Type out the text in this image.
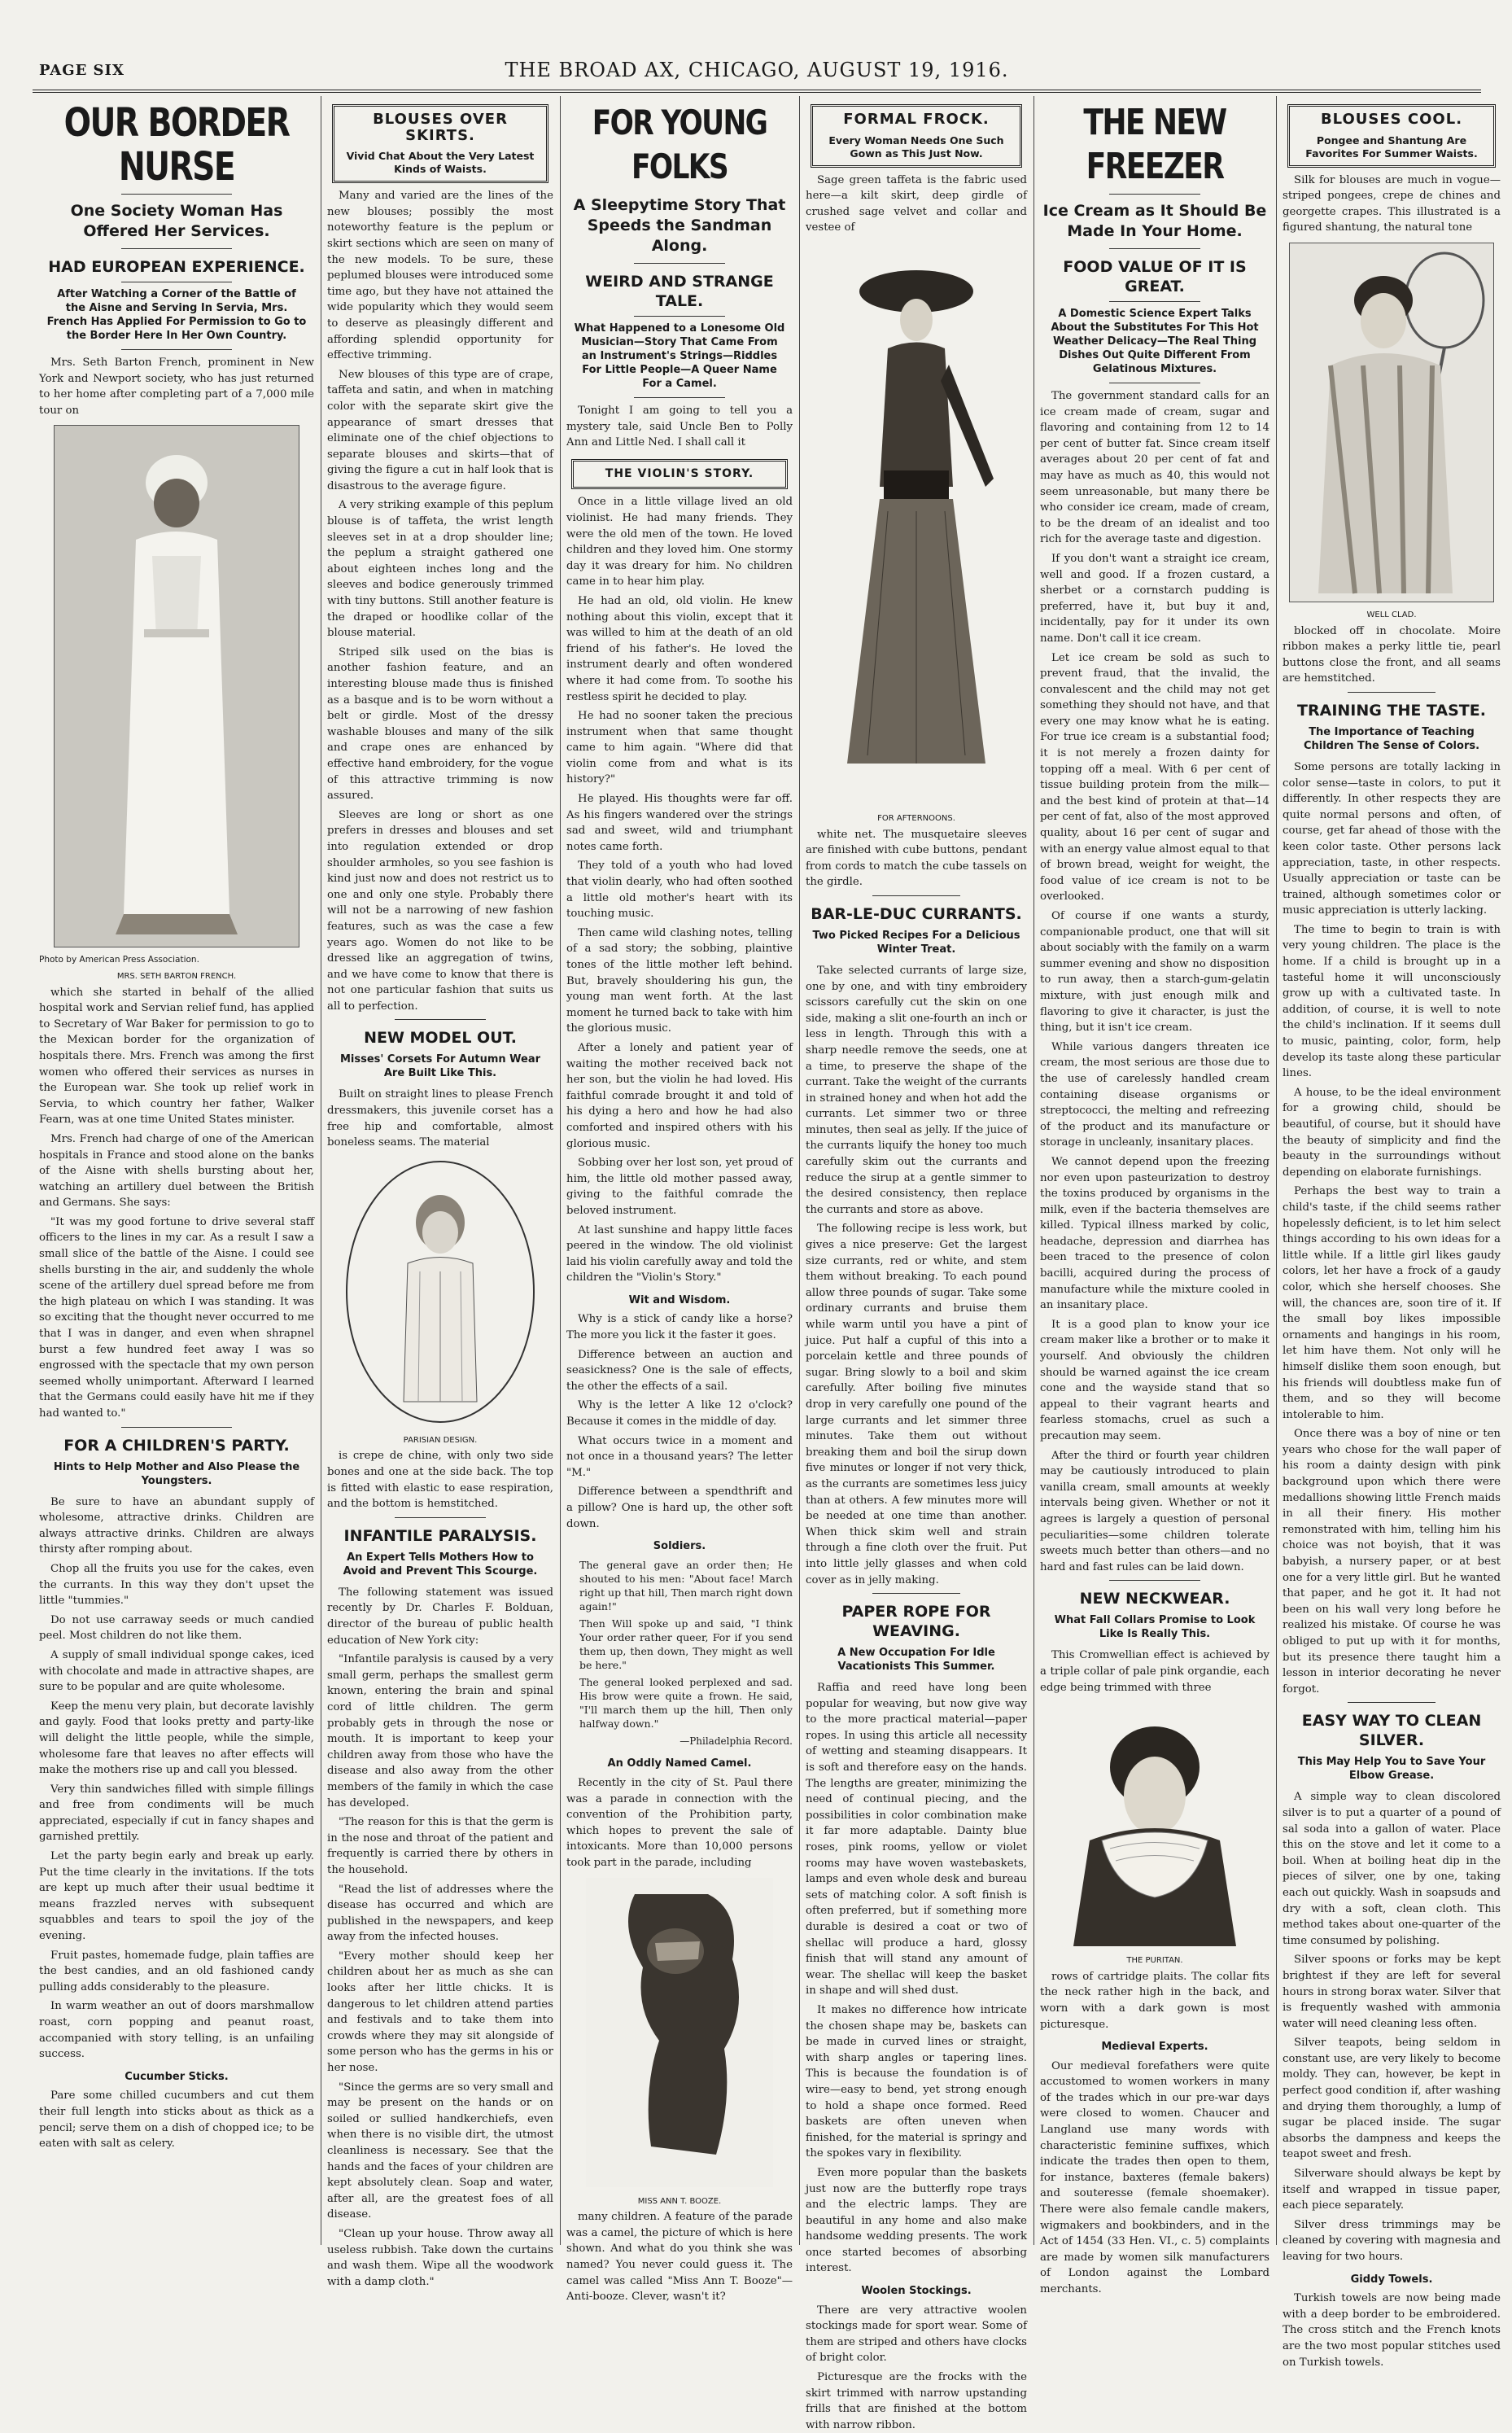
PAGE SIX	THE BROAD AX, CHICAGO, AUGUST 19, 1916.
OUR BORDER NURSE
One Society Woman Has Offered Her Services.
HAD EUROPEAN EXPERIENCE.
After Watching a Corner of the Battle of the Aisne and Serving In Servia, Mrs. French Has Applied For Permission to Go to the Border Here In Her Own Country.

Mrs. Seth Barton French, prominent in New York and Newport society, who has just returned to her home after completing part of a 7,000 mile tour on

Photo by American Press Association.
MRS. SETH BARTON FRENCH.

which she started in behalf of the allied hospital work and Servian relief fund, has applied to Secretary of War Baker for permission to go to the Mexican border for the organization of hospitals there. Mrs. French was among the first women who offered their services as nurses in the European war. She took up relief work in Servia, to which country her father, Walker Fearn, was at one time United States minister.

Mrs. French had charge of one of the American hospitals in France and stood alone on the banks of the Aisne with shells bursting about her, watching an artillery duel between the British and Germans. She says:

"It was my good fortune to drive several staff officers to the lines in my car. As a result I saw a small slice of the battle of the Aisne. I could see shells bursting in the air, and suddenly the whole scene of the artillery duel spread before me from the high plateau on which I was standing. It was so exciting that the thought never occurred to me that I was in danger, and even when shrapnel burst a few hundred feet away I was so engrossed with the spectacle that my own person seemed wholly unimportant. Afterward I learned that the Germans could easily have hit me if they had wanted to."

FOR A CHILDREN'S PARTY.
Hints to Help Mother and Also Please the Youngsters.

Be sure to have an abundant supply of wholesome, attractive drinks. Children are always attractive drinks. Children are always thirsty after romping about.

Chop all the fruits you use for the cakes, even the currants. In this way they don't upset the little "tummies."

Do not use carraway seeds or much candied peel. Most children do not like them.

A supply of small individual sponge cakes, iced with chocolate and made in attractive shapes, are sure to be popular and are quite wholesome.

Keep the menu very plain, but decorate lavishly and gayly. Food that looks pretty and party-like will delight the little people, while the simple, wholesome fare that leaves no after effects will make the mothers rise up and call you blessed.

Very thin sandwiches filled with simple fillings and free from condiments will be much appreciated, especially if cut in fancy shapes and garnished prettily.

Let the party begin early and break up early. Put the time clearly in the invitations. If the tots are kept up much after their usual bedtime it means frazzled nerves with subsequent squabbles and tears to spoil the joy of the evening.

Fruit pastes, homemade fudge, plain taffies are the best candies, and an old fashioned candy pulling adds considerably to the pleasure.

In warm weather an out of doors marshmallow roast, corn popping and peanut roast, accompanied with story telling, is an unfailing success.

Cucumber Sticks.

Pare some chilled cucumbers and cut them their full length into sticks about as thick as a pencil; serve them on a dish of chopped ice; to be eaten with salt as celery.

BLOUSES OVER SKIRTS.
Vivid Chat About the Very Latest Kinds of Waists.

Many and varied are the lines of the new blouses; possibly the most noteworthy feature is the peplum or skirt sections which are seen on many of the new models. To be sure, these peplumed blouses were introduced some time ago, but they have not attained the wide popularity which they would seem to deserve as pleasingly different and affording splendid opportunity for effective trimming.

New blouses of this type are of crape, taffeta and satin, and when in matching color with the separate skirt give the appearance of smart dresses that eliminate one of the chief objections to separate blouses and skirts—that of giving the figure a cut in half look that is disastrous to the average figure.

A very striking example of this peplum blouse is of taffeta, the wrist length sleeves set in at a drop shoulder line; the peplum a straight gathered one about eighteen inches long and the sleeves and bodice generously trimmed with tiny buttons. Still another feature is the draped or hoodlike collar of the blouse material.

Striped silk used on the bias is another fashion feature, and an interesting blouse made thus is finished as a basque and is to be worn without a belt or girdle. Most of the dressy washable blouses and many of the silk and crape ones are enhanced by effective hand embroidery, for the vogue of this attractive trimming is now assured.

Sleeves are long or short as one prefers in dresses and blouses and set into regulation extended or drop shoulder armholes, so you see fashion is kind just now and does not restrict us to one and only one style. Probably there will not be a narrowing of new fashion features, such as was the case a few years ago. Women do not like to be dressed like an aggregation of twins, and we have come to know that there is not one particular fashion that suits us all to perfection.

NEW MODEL OUT.
Misses' Corsets For Autumn Wear Are Built Like This.

Built on straight lines to please French dressmakers, this juvenile corset has a free hip and comfortable, almost boneless seams. The material

PARISIAN DESIGN.

is crepe de chine, with only two side bones and one at the side back. The top is fitted with elastic to ease respiration, and the bottom is hemstitched.

INFANTILE PARALYSIS.
An Expert Tells Mothers How to Avoid and Prevent This Scourge.

The following statement was issued recently by Dr. Charles F. Bolduan, director of the bureau of public health education of New York city:

"Infantile paralysis is caused by a very small germ, perhaps the smallest germ known, entering the brain and spinal cord of little children. The germ probably gets in through the nose or mouth. It is important to keep your children away from those who have the disease and also away from the other members of the family in which the case has developed.

"The reason for this is that the germ is in the nose and throat of the patient and frequently is carried there by others in the household.

"Read the list of addresses where the disease has occurred and which are published in the newspapers, and keep away from the infected houses.

"Every mother should keep her children about her as much as she can looks after her little chicks. It is dangerous to let children attend parties and festivals and to take them into crowds where they may sit alongside of some person who has the germs in his or her nose.

"Since the germs are so very small and may be present on the hands or on soiled or sullied handkerchiefs, even when there is no visible dirt, the utmost cleanliness is necessary. See that the hands and the faces of your children are kept absolutely clean. Soap and water, after all, are the greatest foes of all disease.

"Clean up your house. Throw away all useless rubbish. Take down the curtains and wash them. Wipe all the woodwork with a damp cloth."

FOR YOUNG FOLKS
A Sleepytime Story That Speeds the Sandman Along.
WEIRD AND STRANGE TALE.
What Happened to a Lonesome Old Musician—Story That Came From an Instrument's Strings—Riddles For Little People—A Queer Name For a Camel.

Tonight I am going to tell you a mystery tale, said Uncle Ben to Polly Ann and Little Ned. I shall call it

THE VIOLIN'S STORY.

Once in a little village lived an old violinist. He had many friends. They were the old men of the town. He loved children and they loved him. One stormy day it was dreary for him. No children came in to hear him play.

He had an old, old violin. He knew nothing about this violin, except that it was willed to him at the death of an old friend of his father's. He loved the instrument dearly and often wondered where it had come from. To soothe his restless spirit he decided to play.

He had no sooner taken the precious instrument when that same thought came to him again. "Where did that violin come from and what is its history?"

He played. His thoughts were far off. As his fingers wandered over the strings sad and sweet, wild and triumphant notes came forth.

They told of a youth who had loved that violin dearly, who had often soothed a little old mother's heart with its touching music.

Then came wild clashing notes, telling of a sad story; the sobbing, plaintive tones of the little mother left behind. But, bravely shouldering his gun, the young man went forth. At the last moment he turned back to take with him the glorious music.

After a lonely and patient year of waiting the mother received back not her son, but the violin he had loved. His faithful comrade brought it and told of his dying a hero and how he had also comforted and inspired others with his glorious music.

Sobbing over her lost son, yet proud of him, the little old mother passed away, giving to the faithful comrade the beloved instrument.

At last sunshine and happy little faces peered in the window. The old violinist laid his violin carefully away and told the children the "Violin's Story."

Wit and Wisdom.

Why is a stick of candy like a horse? The more you lick it the faster it goes.

Difference between an auction and seasickness? One is the sale of effects, the other the effects of a sail.

Why is the letter A like 12 o'clock? Because it comes in the middle of day.

What occurs twice in a moment and not once in a thousand years? The letter "M."

Difference between a spendthrift and a pillow? One is hard up, the other soft down.

Soldiers.

The general gave an order then; He shouted to his men: "About face! March right up that hill, Then march right down again!"

Then Will spoke up and said, "I think Your order rather queer, For if you send them up, then down, They might as well be here."

The general looked perplexed and sad. His brow were quite a frown. He said, "I'll march them up the hill, Then only halfway down."

—Philadelphia Record.
An Oddly Named Camel.

Recently in the city of St. Paul there was a parade in connection with the convention of the Prohibition party, which hopes to prevent the sale of intoxicants. More than 10,000 persons took part in the parade, including

MISS ANN T. BOOZE.

many children. A feature of the parade was a camel, the picture of which is here shown. And what do you think she was named? You never could guess it. The camel was called "Miss Ann T. Booze"—Anti-booze. Clever, wasn't it?

FORMAL FROCK.
Every Woman Needs One Such Gown as This Just Now.

Sage green taffeta is the fabric used here—a kilt skirt, deep girdle of crushed sage velvet and collar and vestee of

FOR AFTERNOONS.

white net. The musquetaire sleeves are finished with cube buttons, pendant from cords to match the cube tassels on the girdle.

BAR-LE-DUC CURRANTS.
Two Picked Recipes For a Delicious Winter Treat.

Take selected currants of large size, one by one, and with tiny embroidery scissors carefully cut the skin on one side, making a slit one-fourth an inch or less in length. Through this with a sharp needle remove the seeds, one at a time, to preserve the shape of the currant. Take the weight of the currants in strained honey and when hot add the currants. Let simmer two or three minutes, then seal as jelly. If the juice of the currants liquify the honey too much carefully skim out the currants and reduce the sirup at a gentle simmer to the desired consistency, then replace the currants and store as above.

The following recipe is less work, but gives a nice preserve: Get the largest size currants, red or white, and stem them without breaking. To each pound allow three pounds of sugar. Take some ordinary currants and bruise them while warm until you have a pint of juice. Put half a cupful of this into a porcelain kettle and three pounds of sugar. Bring slowly to a boil and skim carefully. After boiling five minutes drop in very carefully one pound of the large currants and let simmer three minutes. Take them out without breaking them and boil the sirup down five minutes or longer if not very thick, as the currants are sometimes less juicy than at others. A few minutes more will be needed at one time than another. When thick skim well and strain through a fine cloth over the fruit. Put into little jelly glasses and when cold cover as in jelly making.

PAPER ROPE FOR WEAVING.
A New Occupation For Idle Vacationists This Summer.

Raffia and reed have long been popular for weaving, but now give way to the more practical material—paper ropes. In using this article all necessity of wetting and steaming disappears. It is soft and therefore easy on the hands. The lengths are greater, minimizing the need of continual piecing, and the possibilities in color combination make it far more adaptable. Dainty blue roses, pink rooms, yellow or violet rooms may have woven wastebaskets, lamps and even whole desk and bureau sets of matching color. A soft finish is often preferred, but if something more durable is desired a coat or two of shellac will produce a hard, glossy finish that will stand any amount of wear. The shellac will keep the basket in shape and will shed dust.

It makes no difference how intricate the chosen shape may be, baskets can be made in curved lines or straight, with sharp angles or tapering lines. This is because the foundation is of wire—easy to bend, yet strong enough to hold a shape once formed. Reed baskets are often uneven when finished, for the material is springy and the spokes vary in flexibility.

Even more popular than the baskets just now are the butterfly rope trays and the electric lamps. They are beautiful in any home and also make handsome wedding presents. The work once started becomes of absorbing interest.

Woolen Stockings.

There are very attractive woolen stockings made for sport wear. Some of them are striped and others have clocks of bright color.

Picturesque are the frocks with the skirt trimmed with narrow upstanding frills that are finished at the bottom with narrow ribbon.

THE NEW FREEZER
Ice Cream as It Should Be Made In Your Home.
FOOD VALUE OF IT IS GREAT.
A Domestic Science Expert Talks About the Substitutes For This Hot Weather Delicacy—The Real Thing Dishes Out Quite Different From Gelatinous Mixtures.

The government standard calls for an ice cream made of cream, sugar and flavoring and containing from 12 to 14 per cent of butter fat. Since cream itself averages about 20 per cent of fat and may have as much as 40, this would not seem unreasonable, but many there be who consider ice cream, made of cream, to be the dream of an idealist and too rich for the average taste and digestion.

If you don't want a straight ice cream, well and good. If a frozen custard, a sherbet or a cornstarch pudding is preferred, have it, but buy it and, incidentally, pay for it under its own name. Don't call it ice cream.

Let ice cream be sold as such to prevent fraud, that the invalid, the convalescent and the child may not get something they should not have, and that every one may know what he is eating. For true ice cream is a substantial food; it is not merely a frozen dainty for topping off a meal. With 6 per cent of tissue building protein from the milk—and the best kind of protein at that—14 per cent of fat, also of the most approved quality, about 16 per cent of sugar and with an energy value almost equal to that of brown bread, weight for weight, the food value of ice cream is not to be overlooked.

Of course if one wants a sturdy, companionable product, one that will sit about sociably with the family on a warm summer evening and show no disposition to run away, then a starch-gum-gelatin mixture, with just enough milk and flavoring to give it character, is just the thing, but it isn't ice cream.

While various dangers threaten ice cream, the most serious are those due to the use of carelessly handled cream containing disease organisms or streptococci, the melting and refreezing of the product and its manufacture or storage in uncleanly, insanitary places.

We cannot depend upon the freezing nor even upon pasteurization to destroy the toxins produced by organisms in the milk, even if the bacteria themselves are killed. Typical illness marked by colic, headache, depression and diarrhea has been traced to the presence of colon bacilli, acquired during the process of manufacture while the mixture cooled in an insanitary place.

It is a good plan to know your ice cream maker like a brother or to make it yourself. And obviously the children should be warned against the ice cream cone and the wayside stand that so appeal to their vagrant hearts and fearless stomachs, cruel as such a precaution may seem.

After the third or fourth year children may be cautiously introduced to plain vanilla cream, small amounts at weekly intervals being given. Whether or not it agrees is largely a question of personal peculiarities—some children tolerate sweets much better than others—and no hard and fast rules can be laid down.

NEW NECKWEAR.
What Fall Collars Promise to Look Like Is Really This.

This Cromwellian effect is achieved by a triple collar of pale pink organdie, each edge being trimmed with three

THE PURITAN.

rows of cartridge plaits. The collar fits the neck rather high in the back, and worn with a dark gown is most picturesque.

Medieval Experts.

Our medieval forefathers were quite accustomed to women workers in many of the trades which in our pre-war days were closed to women. Chaucer and Langland use many words with characteristic feminine suffixes, which indicate the trades then open to them, for instance, baxteres (female bakers) and souteresse (female shoemaker). There were also female candle makers, wigmakers and bookbinders, and in the Act of 1454 (33 Hen. VI., c. 5) complaints are made by women silk manufacturers of London against the Lombard merchants.

BLOUSES COOL.
Pongee and Shantung Are Favorites For Summer Waists.

Silk for blouses are much in vogue—striped pongees, crepe de chines and georgette crapes. This illustrated is a figured shantung, the natural tone

WELL CLAD.

blocked off in chocolate. Moire ribbon makes a perky little tie, pearl buttons close the front, and all seams are hemstitched.

TRAINING THE TASTE.
The Importance of Teaching Children The Sense of Colors.

Some persons are totally lacking in color sense—taste in colors, to put it differently. In other respects they are quite normal persons and often, of course, get far ahead of those with the keen color taste. Other persons lack appreciation, taste, in other respects. Usually appreciation or taste can be trained, although sometimes color or music appreciation is utterly lacking.

The time to begin to train is with very young children. The place is the home. If a child is brought up in a tasteful home it will unconsciously grow up with a cultivated taste. In addition, of course, it is well to note the child's inclination. If it seems dull to music, painting, color, form, help develop its taste along these particular lines.

A house, to be the ideal environment for a growing child, should be beautiful, of course, but it should have the beauty of simplicity and find the beauty in the surroundings without depending on elaborate furnishings.

Perhaps the best way to train a child's taste, if the child seems rather hopelessly deficient, is to let him select things according to his own ideas for a little while. If a little girl likes gaudy colors, let her have a frock of a gaudy color, which she herself chooses. She will, the chances are, soon tire of it. If the small boy likes impossible ornaments and hangings in his room, let him have them. Not only will he himself dislike them soon enough, but his friends will doubtless make fun of them, and so they will become intolerable to him.

Once there was a boy of nine or ten years who chose for the wall paper of his room a dainty design with pink background upon which there were medallions showing little French maids in all their finery. His mother remonstrated with him, telling him his choice was not boyish, that it was babyish, a nursery paper, or at best one for a very little girl. But he wanted that paper, and he got it. It had not been on his wall very long before he realized his mistake. Of course he was obliged to put up with it for months, but its presence there taught him a lesson in interior decorating he never forgot.

EASY WAY TO CLEAN SILVER.
This May Help You to Save Your Elbow Grease.

A simple way to clean discolored silver is to put a quarter of a pound of sal soda into a gallon of water. Place this on the stove and let it come to a boil. When at boiling heat dip in the pieces of silver, one by one, taking each out quickly. Wash in soapsuds and dry with a soft, clean cloth. This method takes about one-quarter of the time consumed by polishing.

Silver spoons or forks may be kept brightest if they are left for several hours in strong borax water. Silver that is frequently washed with ammonia water will need cleaning less often.

Silver teapots, being seldom in constant use, are very likely to become moldy. They can, however, be kept in perfect good condition if, after washing and drying them thoroughly, a lump of sugar be placed inside. The sugar absorbs the dampness and keeps the teapot sweet and fresh.

Silverware should always be kept by itself and wrapped in tissue paper, each piece separately.

Silver dress trimmings may be cleaned by covering with magnesia and leaving for two hours.

Giddy Towels.

Turkish towels are now being made with a deep border to be embroidered. The cross stitch and the French knots are the two most popular stitches used on Turkish towels.
